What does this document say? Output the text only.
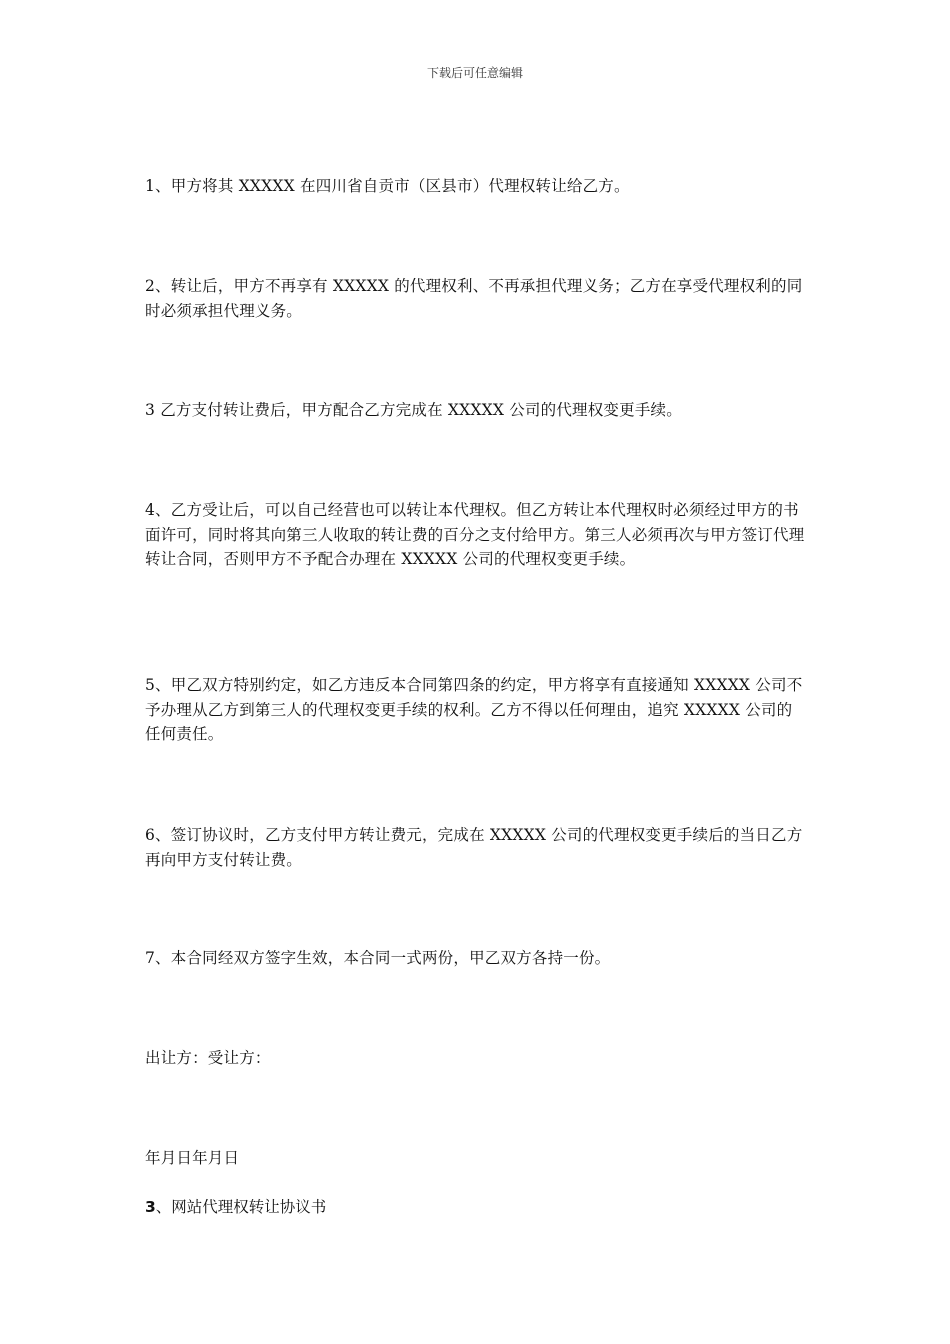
下载后可任意编辑

1、甲方将其 XXXXX 在四川省自贡市（区县市）代理权转让给乙方。

2、转让后，甲方不再享有 XXXXX 的代理权利、不再承担代理义务；乙方在享受代理权利的同时必须承担代理义务。

3 乙方支付转让费后，甲方配合乙方完成在 XXXXX 公司的代理权变更手续。

4、乙方受让后，可以自己经营也可以转让本代理权。但乙方转让本代理权时必须经过甲方的书面许可，同时将其向第三人收取的转让费的百分之支付给甲方。第三人必须再次与甲方签订代理转让合同，否则甲方不予配合办理在 XXXXX 公司的代理权变更手续。

5、甲乙双方特别约定，如乙方违反本合同第四条的约定，甲方将享有直接通知 XXXXX 公司不予办理从乙方到第三人的代理权变更手续的权利。乙方不得以任何理由，追究 XXXXX 公司的任何责任。

6、签订协议时，乙方支付甲方转让费元，完成在 XXXXX 公司的代理权变更手续后的当日乙方再向甲方支付转让费。

7、本合同经双方签字生效，本合同一式两份，甲乙双方各持一份。

出让方：受让方：

年月日年月日

3、网站代理权转让协议书
